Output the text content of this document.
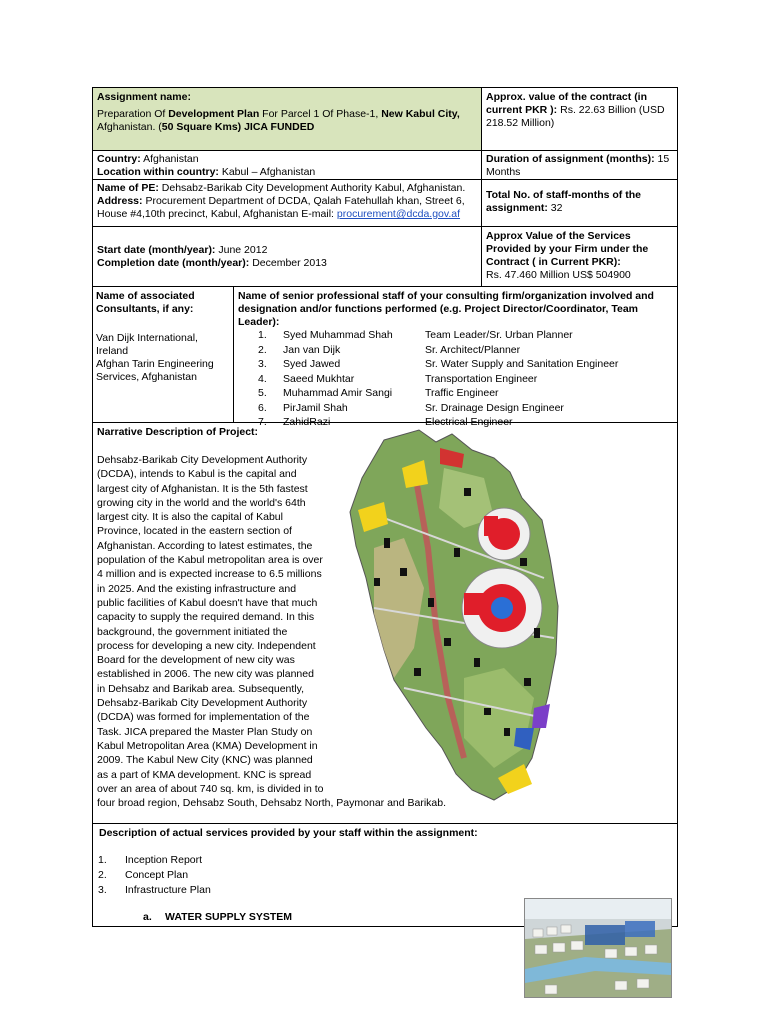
Assignment name:
Preparation Of Development Plan For Parcel 1 Of Phase-1, New Kabul City,
Afghanistan. (50 Square Kms) JICA FUNDED
Approx. value of the contract (in current PKR ): Rs. 22.63 Billion (USD 218.52 Million)
Country: Afghanistan
Location within country: Kabul – Afghanistan
Duration of assignment (months): 15 Months
Name of PE: Dehsabz-Barikab City Development Authority Kabul, Afghanistan.
Address: Procurement Department of DCDA, Qalah Fatehullah khan, Street 6, House #4,10th precinct, Kabul, Afghanistan E-mail: procurement@dcda.gov.af
Total No. of staff-months of the assignment: 32
Start date (month/year): June 2012
Completion date (month/year): December 2013
Approx Value of the Services Provided by your Firm under the Contract ( in Current PKR):
Rs. 47.460 Million US$ 504900
Name of associated Consultants, if any:
Van Dijk International, Ireland
Afghan Tarin Engineering Services, Afghanistan
Name of senior professional staff of your consulting firm/organization involved and designation and/or functions performed (e.g. Project Director/Coordinator, Team Leader):
1. Syed Muhammad Shah	Team Leader/Sr. Urban Planner
2. Jan van Dijk	Sr. Architect/Planner
3. Syed Jawed	Sr. Water Supply and Sanitation Engineer
4. Saeed Mukhtar	Transportation Engineer
5. Muhammad Amir Sangi	Traffic Engineer
6. PirJamil Shah	Sr. Drainage Design Engineer
7. ZahidRazi	Electrical Engineer
Narrative Description of Project:
Dehsabz-Barikab City Development Authority
(DCDA), intends to Kabul is the capital and
largest city of Afghanistan. It is the 5th fastest
growing city in the world and the world's 64th
largest city. It is also the capital of Kabul
Province, located in the eastern section of
Afghanistan. According to latest estimates, the
population of the Kabul metropolitan area is over
4 million and is expected increase to 6.5 millions
in 2025. And the existing infrastructure and
public facilities of Kabul doesn't have that much
capacity to supply the required demand. In this
background, the government initiated the
process for developing a new city. Independent
Board for the development of new city was
established in 2006. The new city was planned
in Dehsabz and Barikab area. Subsequently,
Dehsabz-Barikab City Development Authority
(DCDA) was formed for implementation of the
Task. JICA prepared the Master Plan Study on
Kabul Metropolitan Area (KMA) Development in
2009. The Kabul New City (KNC) was planned
as a part of KMA development. KNC is spread
over an area of about 740 sq. km, is divided in to
four broad region, Dehsabz South, Dehsabz North, Paymonar and Barikab.
Description of actual services provided by your staff within the assignment:
1. Inception Report
2. Concept Plan
3. Infrastructure Plan
a. WATER SUPPLY SYSTEM
